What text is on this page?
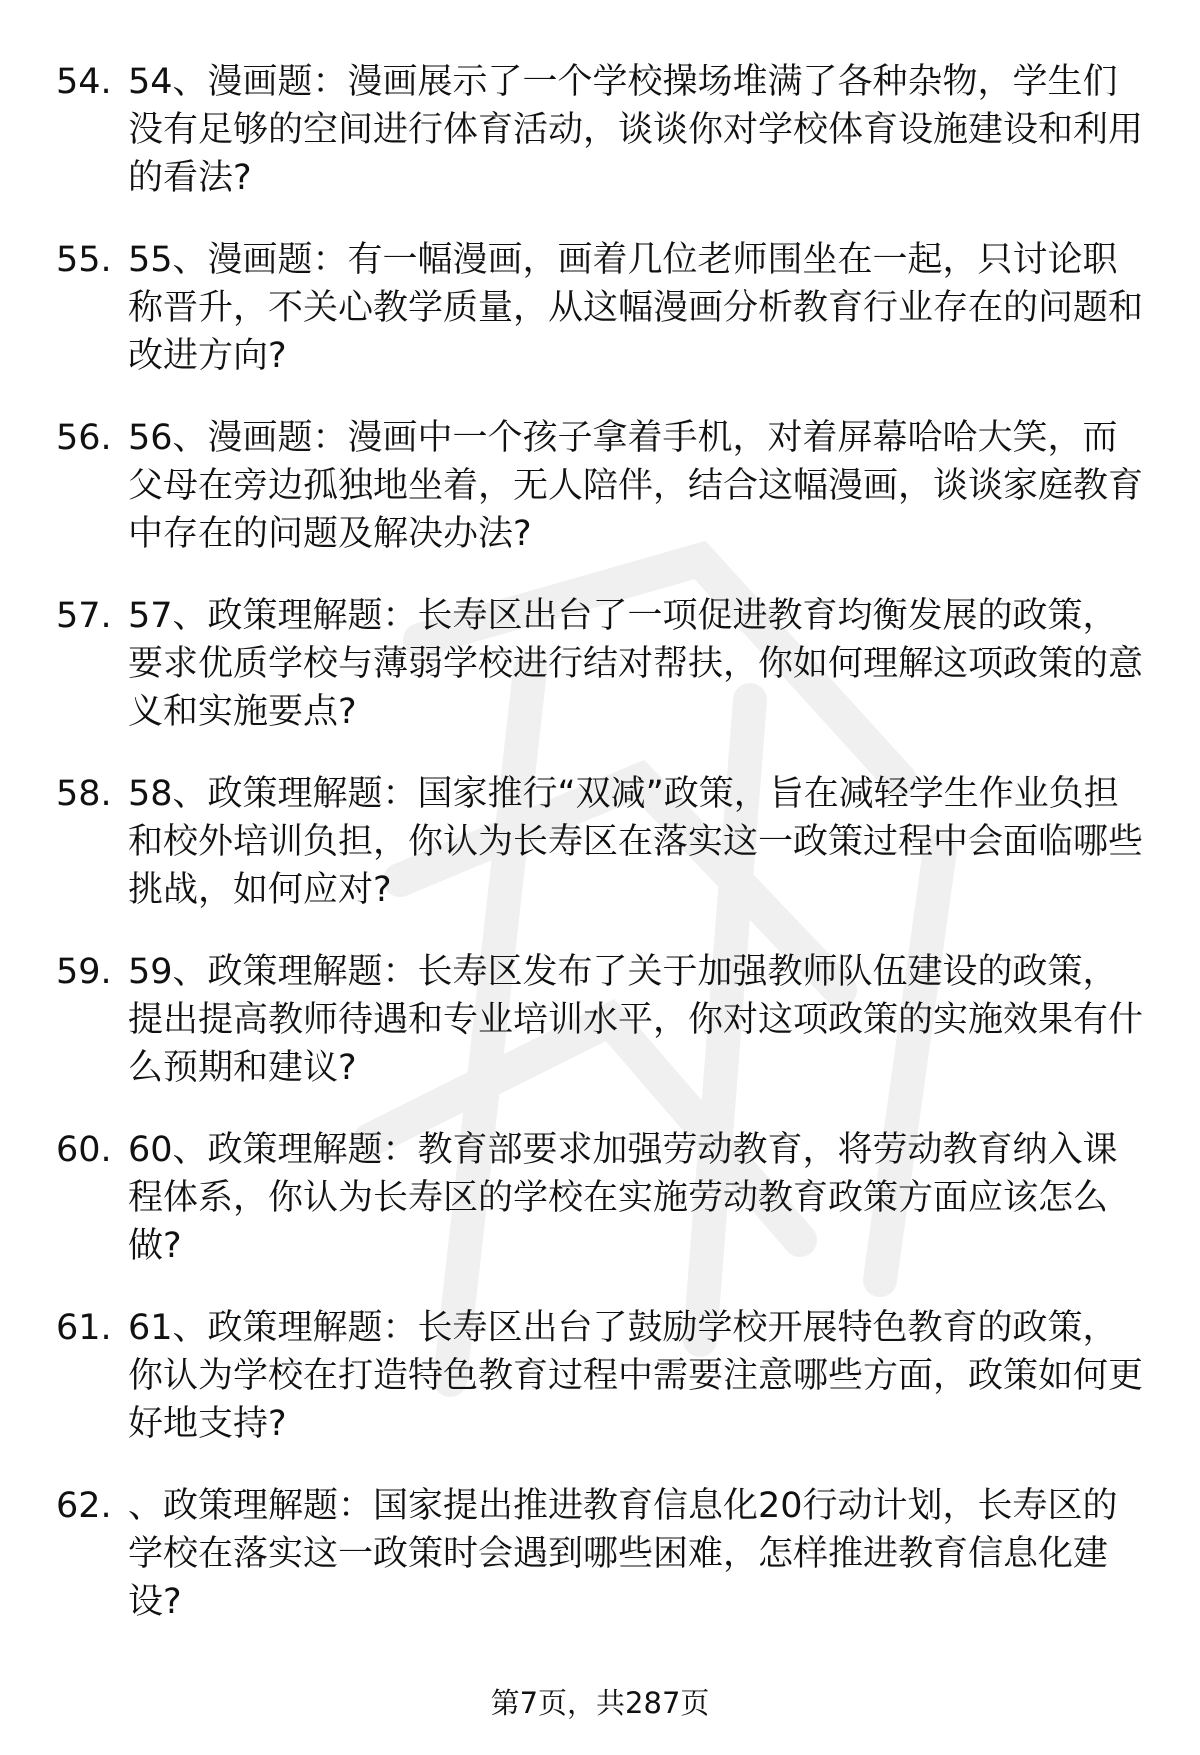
54. 54、漫画题：漫画展示了一个学校操场堆满了各种杂物，学生们没有足够的空间进行体育活动，谈谈你对学校体育设施建设和利用的看法?
55. 55、漫画题：有一幅漫画，画着几位老师围坐在一起，只讨论职称晋升，不关心教学质量，从这幅漫画分析教育行业存在的问题和改进方向?
56. 56、漫画题：漫画中一个孩子拿着手机，对着屏幕哈哈大笑，而父母在旁边孤独地坐着，无人陪伴，结合这幅漫画，谈谈家庭教育中存在的问题及解决办法?
57. 57、政策理解题：长寿区出台了一项促进教育均衡发展的政策，要求优质学校与薄弱学校进行结对帮扶，你如何理解这项政策的意义和实施要点?
58. 58、政策理解题：国家推行“双减”政策，旨在减轻学生作业负担和校外培训负担，你认为长寿区在落实这一政策过程中会面临哪些挑战，如何应对?
59. 59、政策理解题：长寿区发布了关于加强教师队伍建设的政策，提出提高教师待遇和专业培训水平，你对这项政策的实施效果有什么预期和建议?
60. 60、政策理解题：教育部要求加强劳动教育，将劳动教育纳入课程体系，你认为长寿区的学校在实施劳动教育政策方面应该怎么做?
61. 61、政策理解题：长寿区出台了鼓励学校开展特色教育的政策，你认为学校在打造特色教育过程中需要注意哪些方面，政策如何更好地支持?
62. 、政策理解题：国家提出推进教育信息化20行动计划，长寿区的学校在落实这一政策时会遇到哪些困难，怎样推进教育信息化建设?
第7页，共287页
